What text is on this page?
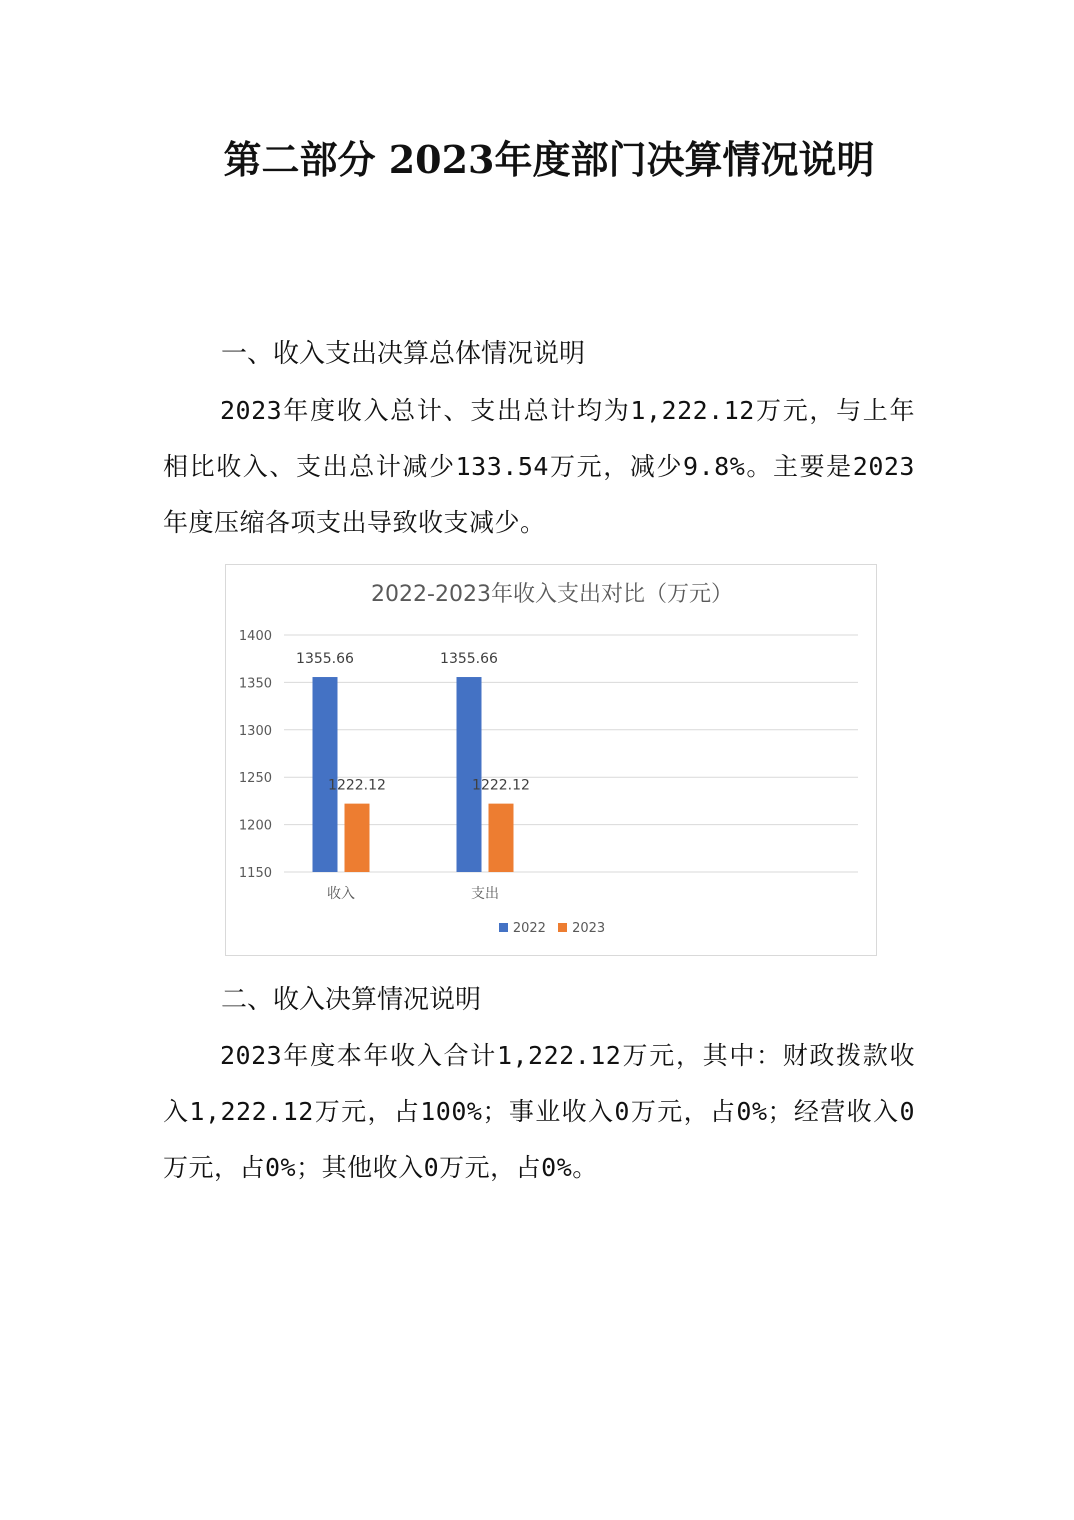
第二部分 2023年度部门决算情况说明
一、收入支出决算总体情况说明
2023年度收入总计、支出总计均为1,222.12万元，与上年相比收入、支出总计减少133.54万元，减少9.8%。主要是2023年度压缩各项支出导致收支减少。
2022-2023年收入支出对比（万元）
1150
1200
1250
1300
1350
1400
1355.66
1222.12
收入
1355.66
1222.12
支出
2022 2023
二、收入决算情况说明
2023年度本年收入合计1,222.12万元，其中：财政拨款收入1,222.12万元，占100%；事业收入0万元，占0%；经营收入0万元，占0%；其他收入0万元，占0%。
